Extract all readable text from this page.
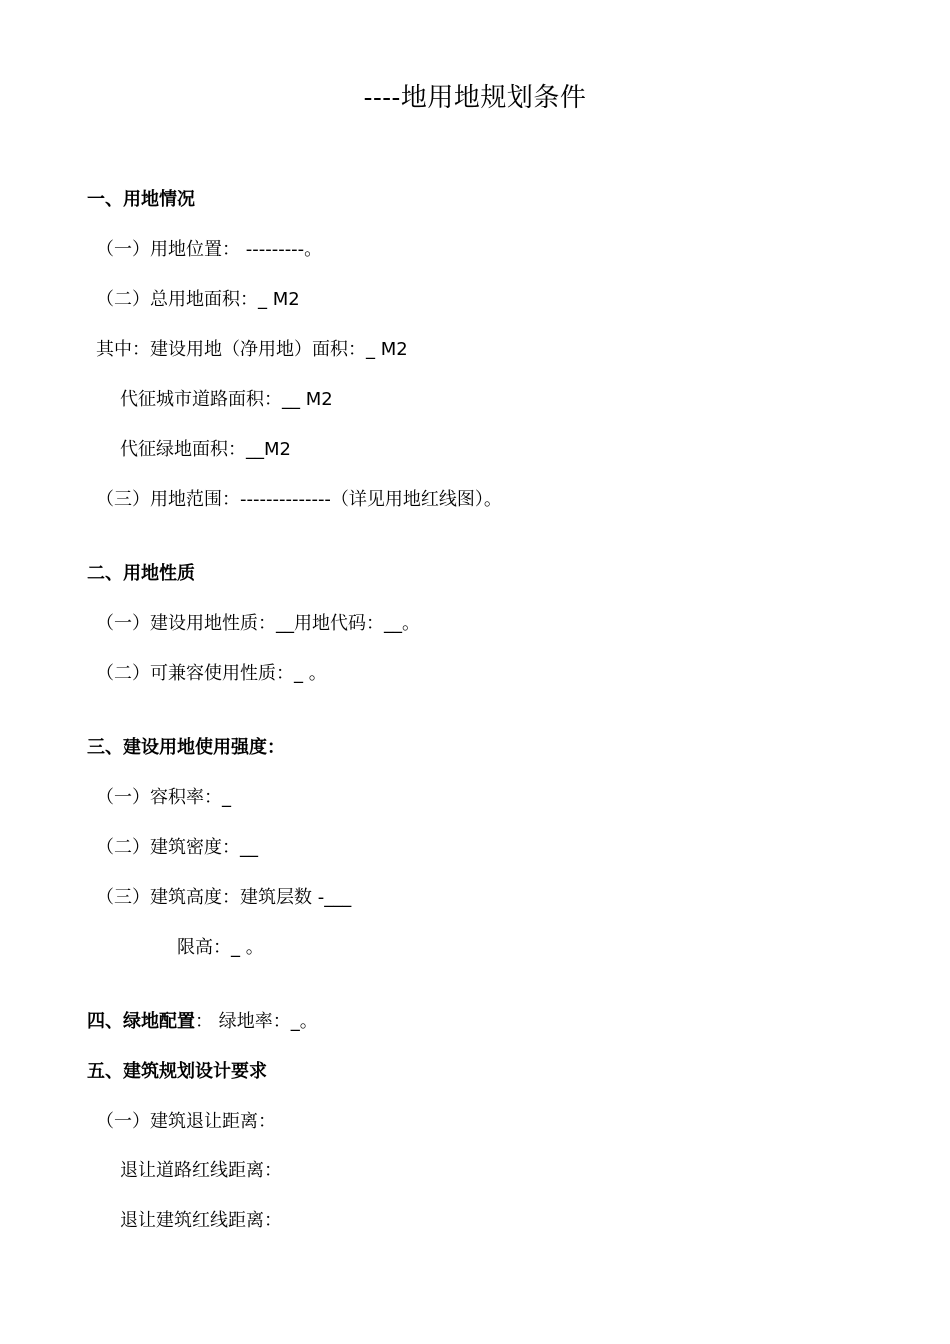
----地用地规划条件
一、用地情况
（一）用地位置： ---------。
（二）总用地面积：_ M2
其中：建设用地（净用地）面积：_ M2
代征城市道路面积：__ M2
代征绿地面积：__M2
（三）用地范围：--------------（详见用地红线图）。
二、用地性质
（一）建设用地性质：__用地代码：__。
（二）可兼容使用性质：_ 。
三、建设用地使用强度：
（一）容积率：_
（二）建筑密度：__
（三）建筑高度：建筑层数 -___
限高：_ 。
四、绿地配置： 绿地率：_。
五、建筑规划设计要求
（一）建筑退让距离：
退让道路红线距离：
退让建筑红线距离：
